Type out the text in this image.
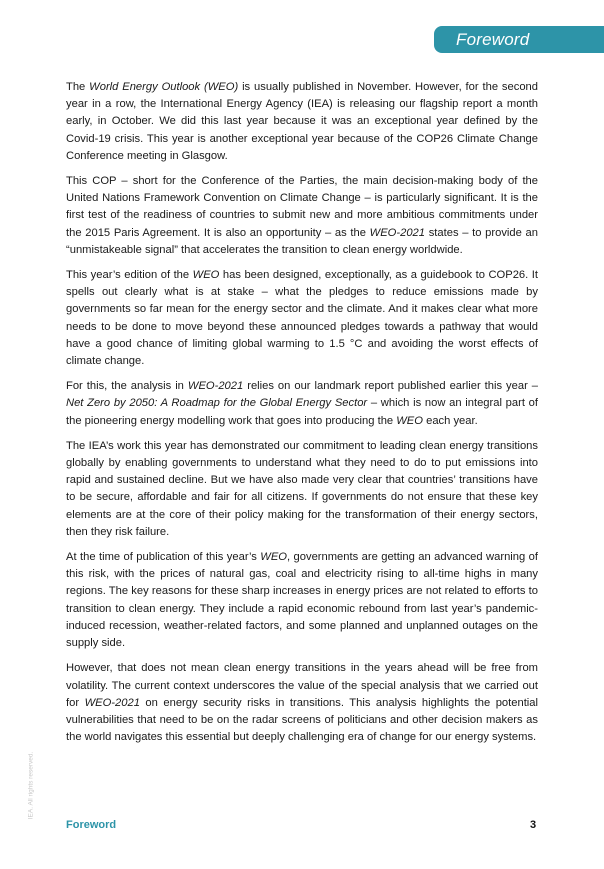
Foreword

The World Energy Outlook (WEO) is usually published in November. However, for the second year in a row, the International Energy Agency (IEA) is releasing our flagship report a month early, in October. We did this last year because it was an exceptional year defined by the Covid-19 crisis. This year is another exceptional year because of the COP26 Climate Change Conference meeting in Glasgow.

This COP – short for the Conference of the Parties, the main decision-making body of the United Nations Framework Convention on Climate Change – is particularly significant. It is the first test of the readiness of countries to submit new and more ambitious commitments under the 2015 Paris Agreement. It is also an opportunity – as the WEO-2021 states – to provide an “unmistakeable signal” that accelerates the transition to clean energy worldwide.

This year’s edition of the WEO has been designed, exceptionally, as a guidebook to COP26. It spells out clearly what is at stake – what the pledges to reduce emissions made by governments so far mean for the energy sector and the climate. And it makes clear what more needs to be done to move beyond these announced pledges towards a pathway that would have a good chance of limiting global warming to 1.5 °C and avoiding the worst effects of climate change.

For this, the analysis in WEO-2021 relies on our landmark report published earlier this year – Net Zero by 2050: A Roadmap for the Global Energy Sector – which is now an integral part of the pioneering energy modelling work that goes into producing the WEO each year.

The IEA’s work this year has demonstrated our commitment to leading clean energy transitions globally by enabling governments to understand what they need to do to put emissions into rapid and sustained decline. But we have also made very clear that countries’ transitions have to be secure, affordable and fair for all citizens. If governments do not ensure that these key elements are at the core of their policy making for the transformation of their energy sectors, then they risk failure.

At the time of publication of this year’s WEO, governments are getting an advanced warning of this risk, with the prices of natural gas, coal and electricity rising to all-time highs in many regions. The key reasons for these sharp increases in energy prices are not related to efforts to transition to clean energy. They include a rapid economic rebound from last year’s pandemic-induced recession, weather-related factors, and some planned and unplanned outages on the supply side.

However, that does not mean clean energy transitions in the years ahead will be free from volatility. The current context underscores the value of the special analysis that we carried out for WEO-2021 on energy security risks in transitions. This analysis highlights the potential vulnerabilities that need to be on the radar screens of politicians and other decision makers as the world navigates this essential but deeply challenging era of change for our energy systems.

IEA. All rights reserved.
Foreword	3
